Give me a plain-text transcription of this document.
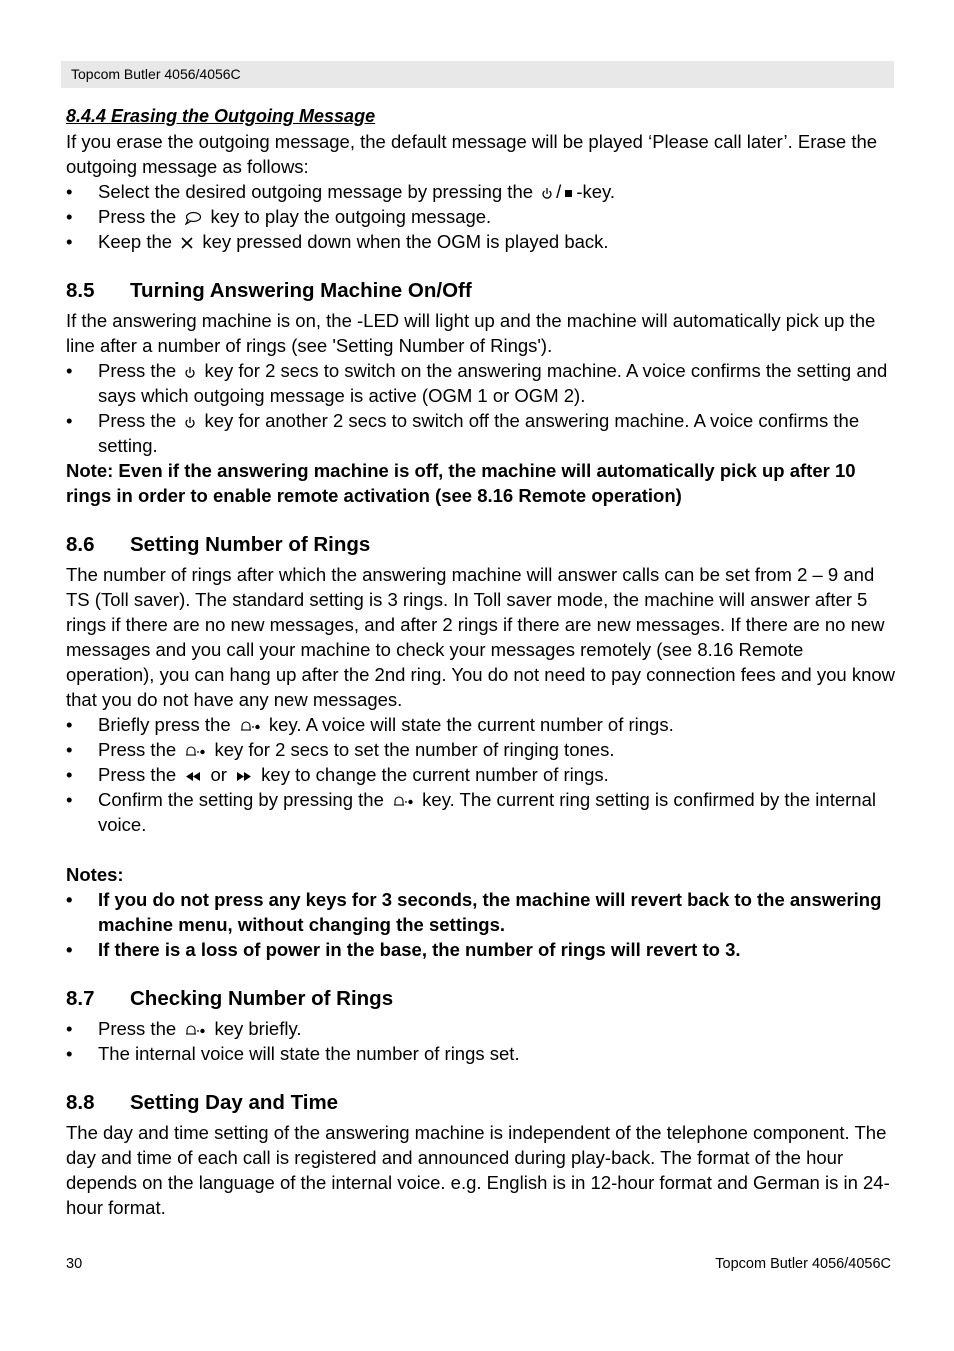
Topcom Butler 4056/4056C
8.4.4 Erasing the Outgoing Message

If you erase the outgoing message, the default message will be played ‘Please call later’. Erase the outgoing message as follows:

• Select the desired outgoing message by pressing the / -key.
• Press the key to play the outgoing message.
• Keep the key pressed down when the OGM is played back.
8.5 Turning Answering Machine On/Off

If the answering machine is on, the -LED will light up and the machine will automatically pick up the line after a number of rings (see 'Setting Number of Rings').

• Press the key for 2 secs to switch on the answering machine. A voice confirms the setting and says which outgoing message is active (OGM 1 or OGM 2).
• Press the key for another 2 secs to switch off the answering machine. A voice confirms the setting.

Note: Even if the answering machine is off, the machine will automatically pick up after 10 rings in order to enable remote activation (see 8.16 Remote operation)

8.6 Setting Number of Rings

The number of rings after which the answering machine will answer calls can be set from 2 – 9 and TS (Toll saver). The standard setting is 3 rings. In Toll saver mode, the machine will answer after 5 rings if there are no new messages, and after 2 rings if there are new messages. If there are no new messages and you call your machine to check your messages remotely (see 8.16 Remote operation), you can hang up after the 2nd ring. You do not need to pay connection fees and you know that you do not have any new messages.

• Briefly press the key. A voice will state the current number of rings.
• Press the key for 2 secs to set the number of ringing tones.
• Press the or key to change the current number of rings.
• Confirm the setting by pressing the key. The current ring setting is confirmed by the internal voice.

Notes:

• If you do not press any keys for 3 seconds, the machine will revert back to the answering machine menu, without changing the settings.
• If there is a loss of power in the base, the number of rings will revert to 3.
8.7 Checking Number of Rings
• Press the key briefly.
• The internal voice will state the number of rings set.
8.8 Setting Day and Time

The day and time setting of the answering machine is independent of the telephone component. The day and time of each call is registered and announced during play-back. The format of the hour depends on the language of the internal voice. e.g. English is in 12-hour format and German is in 24-hour format.

30	Topcom Butler 4056/4056C
